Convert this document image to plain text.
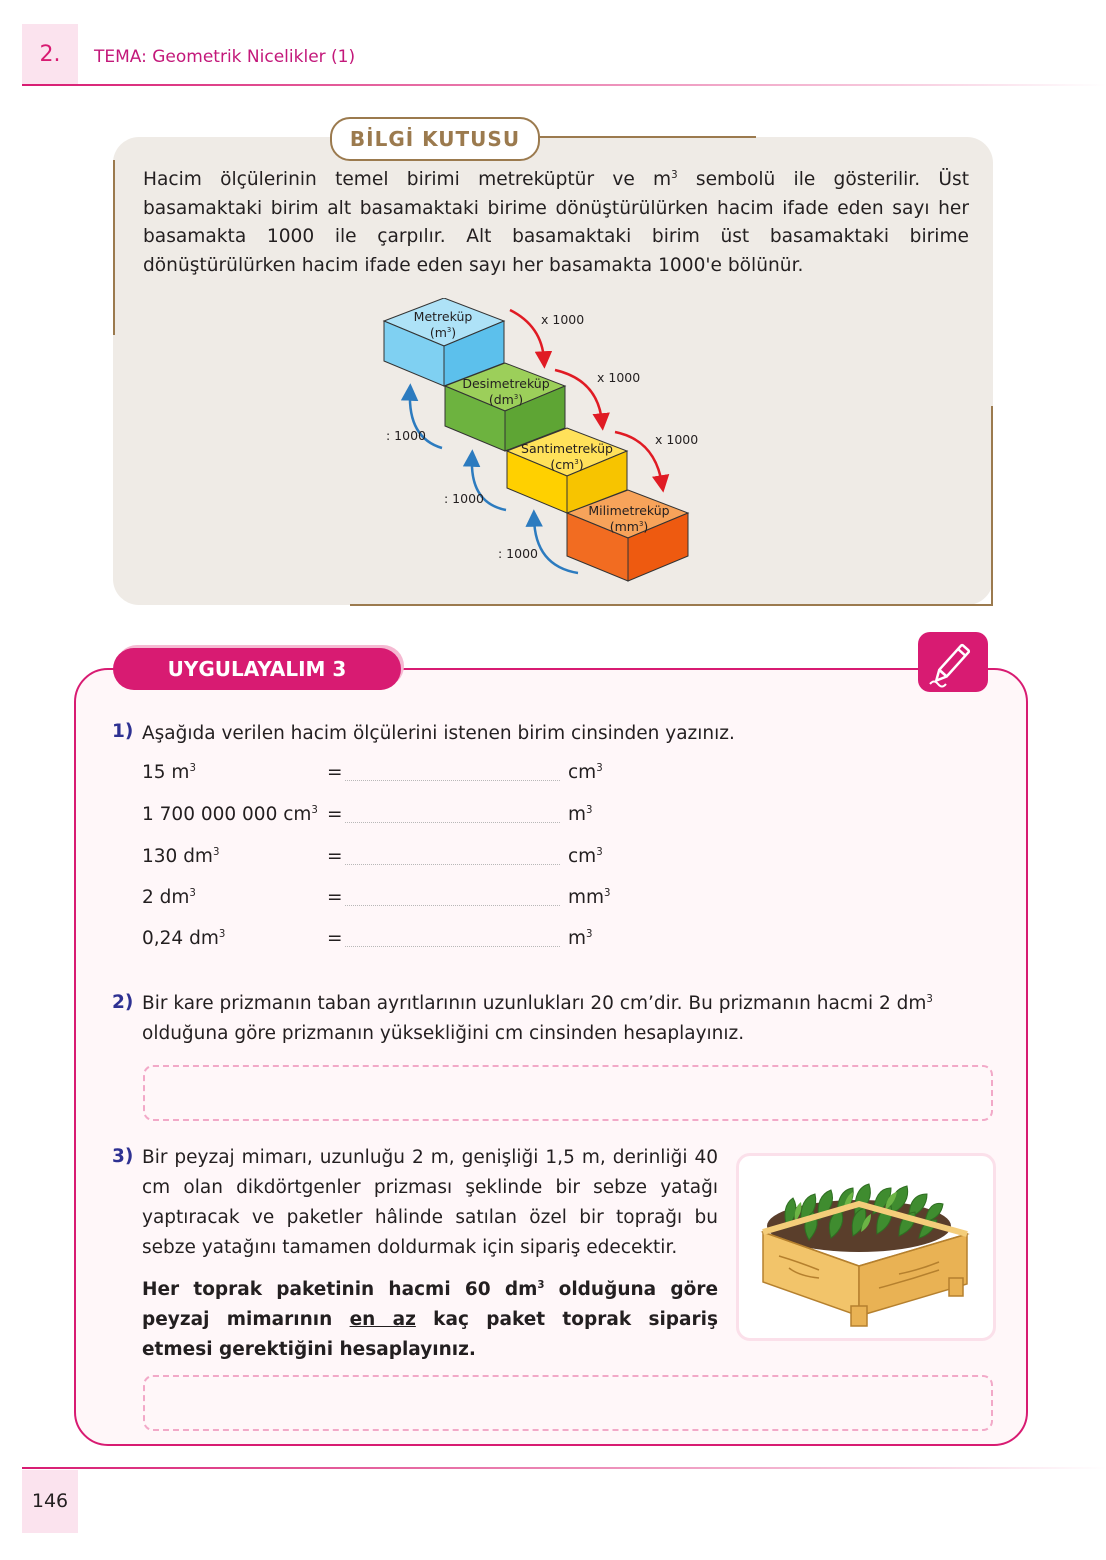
2.	TEMA: Geometrik Nicelikler (1)
BİLGİ KUTUSU
Hacim ölçülerinin temel birimi metreküptür ve $m^3$ sembolü ile gösterilir. Üst basamaktaki birim alt basamaktaki birime dönüştürülürken hacim ifade eden sayı her basamakta 1000 ile çarpılır. Alt basamaktaki birim üst basamaktaki birime dönüştürülürken hacim ifade eden sayı her basamakta 1000'e bölünür.
Metreküp
$(m^3)$
Desimetreküp
$(dm^3)$
Santimetreküp
$(cm^3)$
Milimetreküp
$(mm^3)$
x 1000
x 1000
x 1000
: 1000
: 1000
: 1000
UYGULAYALIM 3
1) Aşağıda verilen hacim ölçülerini istenen birim cinsinden yazınız.
15 $m^3$	=	$cm^3$
1 700 000 000 $cm^3$ =	$m^3$
130 $dm^3$	=	$cm^3$
2 $dm^3$	=	$mm^3$
0,24 $dm^3$	=	$m^3$
2) Bir kare prizmanın taban ayrıtlarının uzunlukları 20 cm’dir. Bu prizmanın hacmi 2 $dm^3$ olduğuna göre prizmanın yüksekliğini cm cinsinden hesaplayınız.
3) Bir peyzaj mimarı, uzunluğu 2 m, genişliği 1,5 m, derinliği 40 cm olan dikdörtgenler prizması şeklinde bir sebze yatağı yaptıracak ve paketler hâlinde satılan özel bir toprağı bu sebze yatağını tamamen doldurmak için sipariş edecektir.
Her toprak paketinin hacmi 60 $dm^3$ olduğuna göre peyzaj mimarının en az kaç paket toprak sipariş etmesi gerektiğini hesaplayınız.
146
